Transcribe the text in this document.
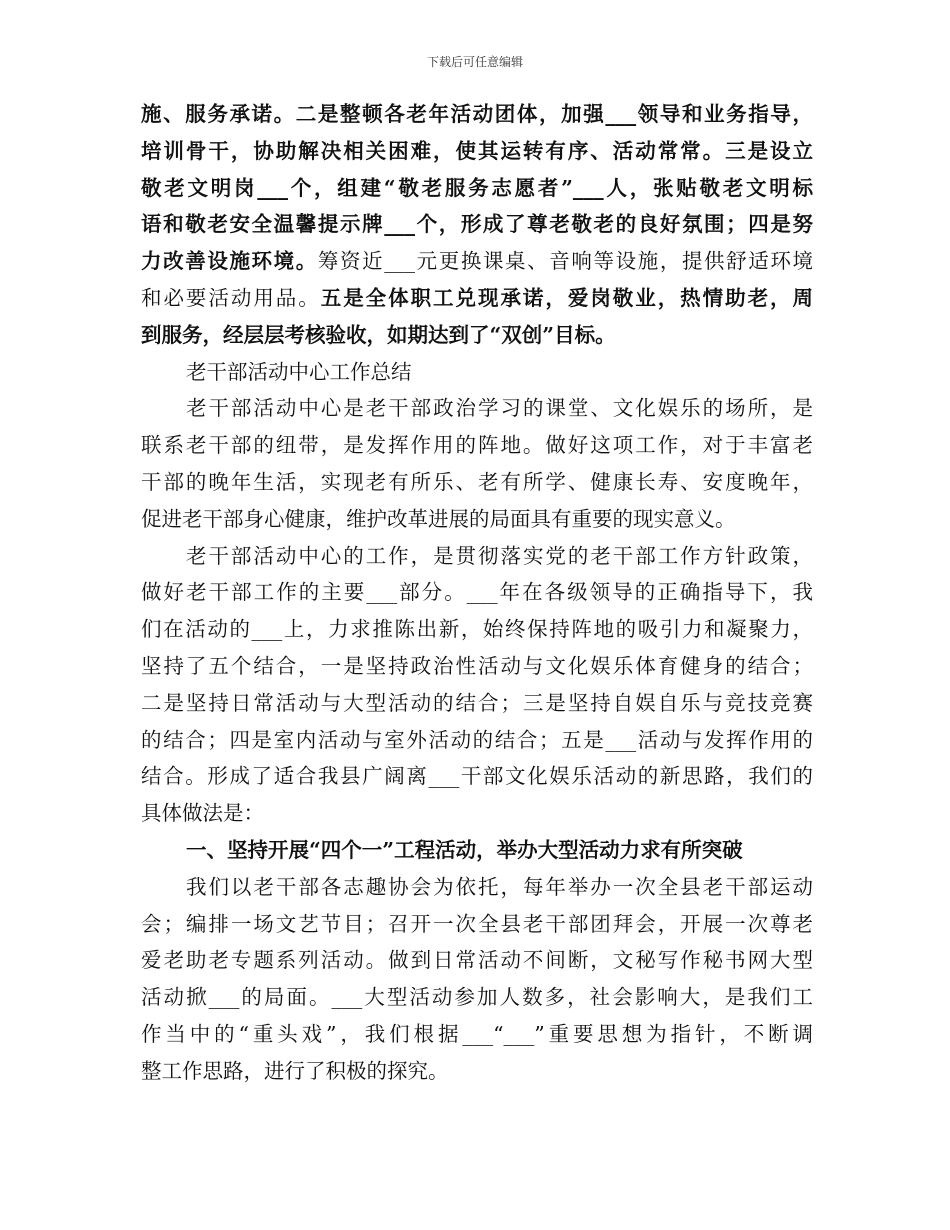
下载后可任意编辑
施、服务承诺。二是整顿各老年活动团体，加强___领导和业务指导，
培训骨干，协助解决相关困难，使其运转有序、活动常常。三是设立
敬老文明岗___个，组建“敬老服务志愿者”___人，张贴敬老文明标
语和敬老安全温馨提示牌___个，形成了尊老敬老的良好氛围；四是努
力改善设施环境。筹资近___元更换课桌、音响等设施，提供舒适环境
和必要活动用品。五是全体职工兑现承诺，爱岗敬业，热情助老，周
到服务，经层层考核验收，如期达到了“双创”目标。
老干部活动中心工作总结
老干部活动中心是老干部政治学习的课堂、文化娱乐的场所，是
联系老干部的纽带，是发挥作用的阵地。做好这项工作，对于丰富老
干部的晚年生活，实现老有所乐、老有所学、健康长寿、安度晚年，
促进老干部身心健康，维护改革进展的局面具有重要的现实意义。
老干部活动中心的工作，是贯彻落实党的老干部工作方针政策，
做好老干部工作的主要___部分。___年在各级领导的正确指导下，我
们在活动的___上，力求推陈出新，始终保持阵地的吸引力和凝聚力，
坚持了五个结合，一是坚持政治性活动与文化娱乐体育健身的结合；
二是坚持日常活动与大型活动的结合；三是坚持自娱自乐与竞技竞赛
的结合；四是室内活动与室外活动的结合；五是___活动与发挥作用的
结合。形成了适合我县广阔离___干部文化娱乐活动的新思路，我们的
具体做法是：
一、坚持开展“四个一”工程活动，举办大型活动力求有所突破
我们以老干部各志趣协会为依托，每年举办一次全县老干部运动
会；编排一场文艺节目；召开一次全县老干部团拜会，开展一次尊老
爱老助老专题系列活动。做到日常活动不间断，文秘写作秘书网大型
活动掀___的局面。___大型活动参加人数多，社会影响大，是我们工
作当中的“重头戏”，我们根据___“___”重要思想为指针，不断调
整工作思路，进行了积极的探究。
